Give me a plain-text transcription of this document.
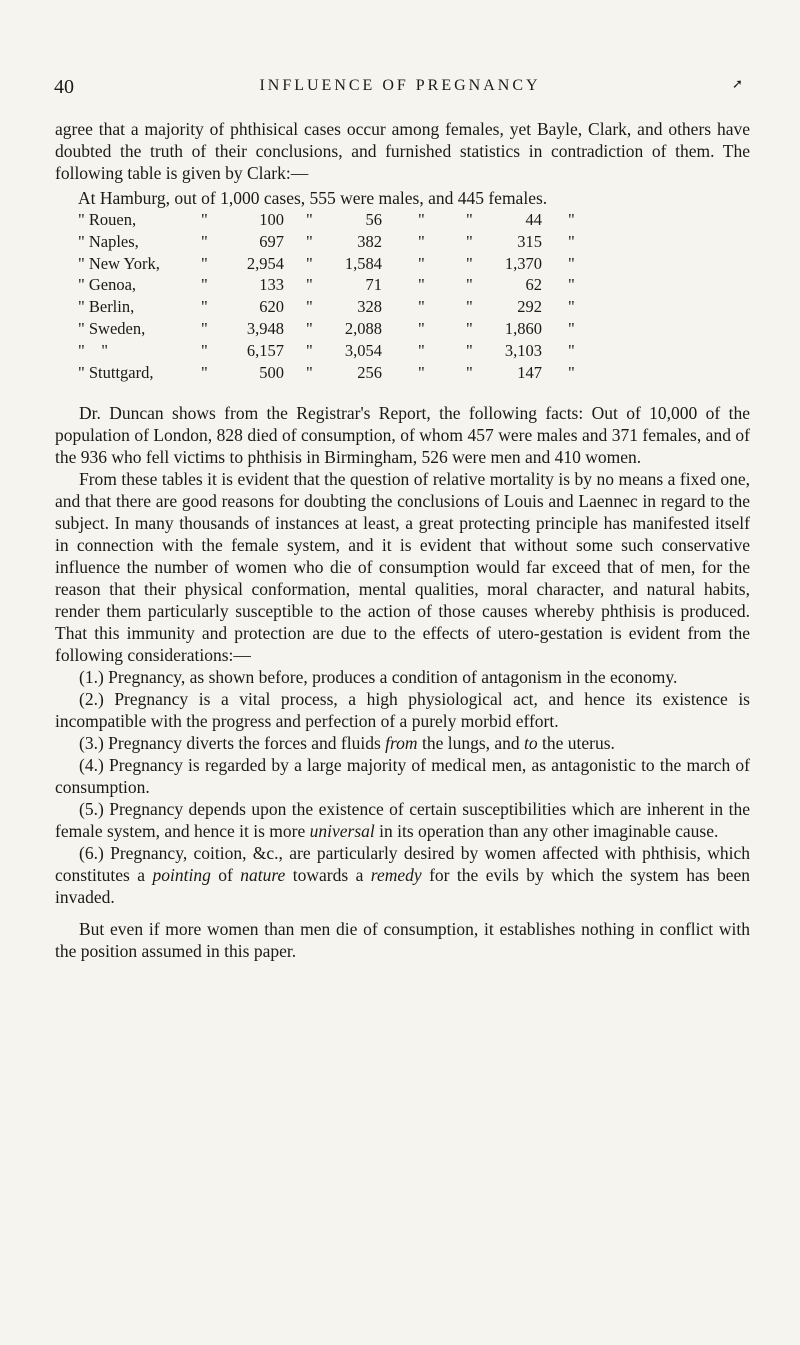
40	INFLUENCE OF PREGNANCY	➚

agree that a majority of phthisical cases occur among females, yet Bayle, Clark, and others have doubted the truth of their conclusions, and furnished statistics in contradiction of them. The following table is given by Clark:—

At Hamburg, out of 1,000 cases, 555 were males, and 445 females.
" Rouen,	"	100 "	56 "	"	44 "
" Naples,	"	697 "	382 "	"	315 "
" New York, "	2,954 "	1,584 "	"	1,370 "
" Genoa,	"	133 "	71 "	"	62 "
" Berlin,	"	620 "	328 "	"	292 "
" Sweden,	"	3,948 "	2,088 "	"	1,860 "
"    "	"	6,157 "	3,054 "	"	3,103 "
" Stuttgard,	"	500 "	256 "	"	147 "

Dr. Duncan shows from the Registrar's Report, the following facts: Out of 10,000 of the population of London, 828 died of consumption, of whom 457 were males and 371 females, and of the 936 who fell victims to phthisis in Birmingham, 526 were men and 410 women.

From these tables it is evident that the question of relative mortality is by no means a fixed one, and that there are good reasons for doubting the conclusions of Louis and Laennec in regard to the subject. In many thousands of instances at least, a great protecting principle has manifested itself in connection with the female system, and it is evident that without some such conservative influence the number of women who die of consumption would far exceed that of men, for the reason that their physical conformation, mental qualities, moral character, and natural habits, render them particularly susceptible to the action of those causes whereby phthisis is produced. That this immunity and protection are due to the effects of utero-gestation is evident from the following considerations:—

(1.) Pregnancy, as shown before, produces a condition of antagonism in the economy.

(2.) Pregnancy is a vital process, a high physiological act, and hence its existence is incompatible with the progress and perfection of a purely morbid effort.

(3.) Pregnancy diverts the forces and fluids from the lungs, and to the uterus.

(4.) Pregnancy is regarded by a large majority of medical men, as antagonistic to the march of consumption.

(5.) Pregnancy depends upon the existence of certain susceptibilities which are inherent in the female system, and hence it is more universal in its operation than any other imaginable cause.

(6.) Pregnancy, coition, &c., are particularly desired by women affected with phthisis, which constitutes a pointing of nature towards a remedy for the evils by which the system has been invaded.

But even if more women than men die of consumption, it establishes nothing in conflict with the position assumed in this paper.
